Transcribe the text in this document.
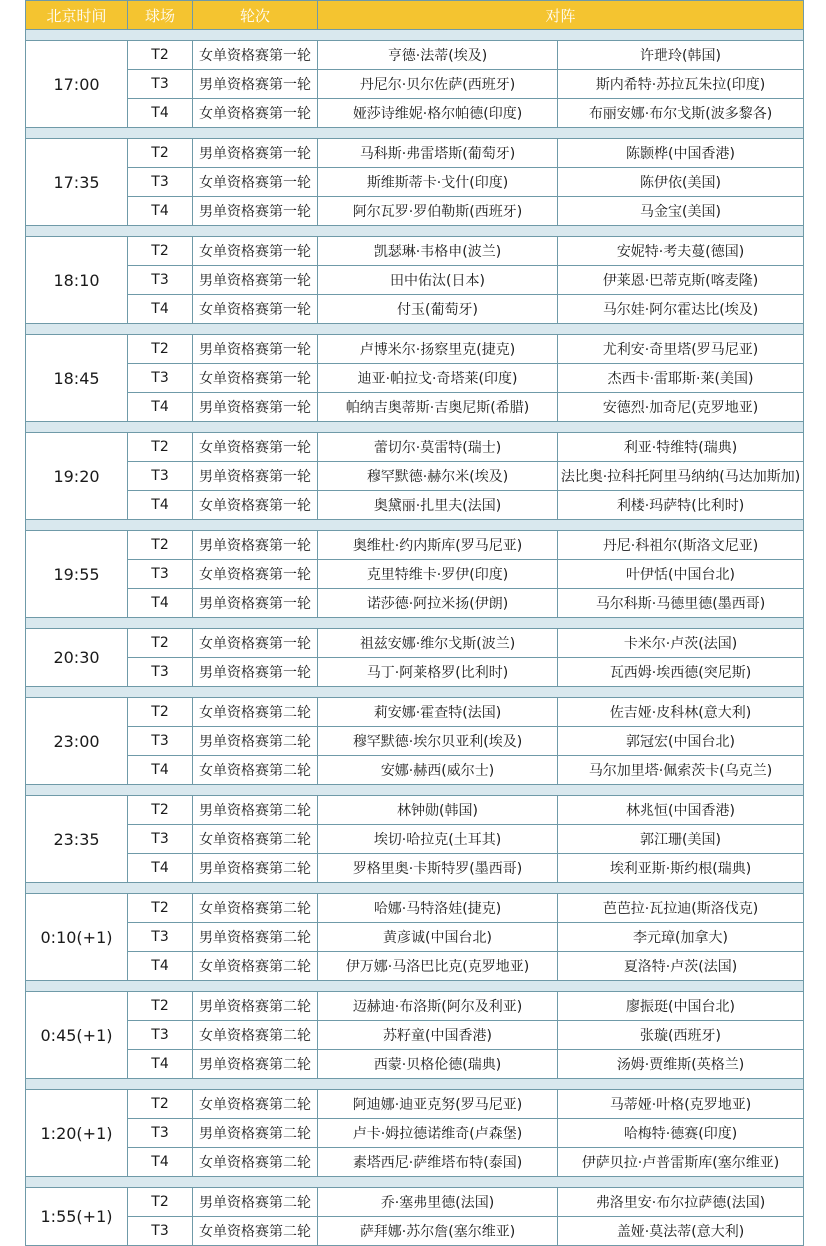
北京时间	球场	轮次	对阵	

17:00	T2	女单资格赛第一轮	亨德·法蒂(埃及)	许玴玲(韩国)
	T3	男单资格赛第一轮	丹尼尔·贝尔佐萨(西班牙)	斯内希特·苏拉瓦朱拉(印度)
	T4	女单资格赛第一轮	娅莎诗维妮·格尔帕德(印度)	布丽安娜·布尔戈斯(波多黎各)

17:35	T2	男单资格赛第一轮	马科斯·弗雷塔斯(葡萄牙)	陈颢桦(中国香港)
	T3	女单资格赛第一轮	斯维斯蒂卡·戈什(印度)	陈伊依(美国)
	T4	男单资格赛第一轮	阿尔瓦罗·罗伯勒斯(西班牙)	马金宝(美国)

18:10	T2	女单资格赛第一轮	凯瑟琳·韦格申(波兰)	安妮特·考夫蔓(德国)
	T3	男单资格赛第一轮	田中佑汰(日本)	伊莱恩·巴蒂克斯(喀麦隆)
	T4	女单资格赛第一轮	付玉(葡萄牙)	马尔娃·阿尔霍达比(埃及)

18:45	T2	男单资格赛第一轮	卢博米尔·扬察里克(捷克)	尤利安·奇里塔(罗马尼亚)
	T3	女单资格赛第一轮	迪亚·帕拉戈·奇塔莱(印度)	杰西卡·雷耶斯·莱(美国)
	T4	男单资格赛第一轮	帕纳吉奥蒂斯·吉奥尼斯(希腊)	安德烈·加奇尼(克罗地亚)

19:20	T2	女单资格赛第一轮	蕾切尔·莫雷特(瑞士)	利亚·特维特(瑞典)
	T3	男单资格赛第一轮	穆罕默德·赫尔米(埃及)	法比奥·拉科托阿里马纳纳(马达加斯加)
	T4	女单资格赛第一轮	奥黛丽·扎里夫(法国)	利楼·玛萨特(比利时)

19:55	T2	男单资格赛第一轮	奥维杜·约内斯库(罗马尼亚)	丹尼·科祖尔(斯洛文尼亚)
	T3	女单资格赛第一轮	克里特维卡·罗伊(印度)	叶伊恬(中国台北)
	T4	男单资格赛第一轮	诺莎德·阿拉米扬(伊朗)	马尔科斯·马德里德(墨西哥)

20:30	T2	女单资格赛第一轮	祖兹安娜·维尔戈斯(波兰)	卡米尔·卢茨(法国)
	T3	男单资格赛第一轮	马丁·阿莱格罗(比利时)	瓦西姆·埃西德(突尼斯)

23:00	T2	女单资格赛第二轮	莉安娜·霍查特(法国)	佐吉娅·皮科林(意大利)
	T3	男单资格赛第二轮	穆罕默德·埃尔贝亚利(埃及)	郭冠宏(中国台北)
	T4	女单资格赛第二轮	安娜·赫西(威尔士)	马尔加里塔·佩索茨卡(乌克兰)

23:35	T2	男单资格赛第二轮	林钟勋(韩国)	林兆恒(中国香港)
	T3	女单资格赛第二轮	埃切·哈拉克(土耳其)	郭江珊(美国)
	T4	男单资格赛第二轮	罗格里奥·卡斯特罗(墨西哥)	埃利亚斯·斯约根(瑞典)

0:10(+1)	T2	女单资格赛第二轮	哈娜·马特洛娃(捷克)	芭芭拉·瓦拉迪(斯洛伐克)
	T3	男单资格赛第二轮	黄彦诚(中国台北)	李元璋(加拿大)
	T4	女单资格赛第二轮	伊万娜·马洛巴比克(克罗地亚)	夏洛特·卢茨(法国)

0:45(+1)	T2	男单资格赛第二轮	迈赫迪·布洛斯(阿尔及利亚)	廖振珽(中国台北)
	T3	女单资格赛第二轮	苏籽童(中国香港)	张璇(西班牙)
	T4	男单资格赛第二轮	西蒙·贝格伦德(瑞典)	汤姆·贾维斯(英格兰)

1:20(+1)	T2	女单资格赛第二轮	阿迪娜·迪亚克努(罗马尼亚)	马蒂娅·叶格(克罗地亚)
	T3	男单资格赛第二轮	卢卡·姆拉德诺维奇(卢森堡)	哈梅特·德赛(印度)
	T4	女单资格赛第二轮	素塔西尼·萨维塔布特(泰国)	伊萨贝拉·卢普雷斯库(塞尔维亚)

1:55(+1)	T2	男单资格赛第二轮	乔·塞弗里德(法国)	弗洛里安·布尔拉萨德(法国)
	T3	女单资格赛第二轮	萨拜娜·苏尔詹(塞尔维亚)	盖娅·莫法蒂(意大利)
